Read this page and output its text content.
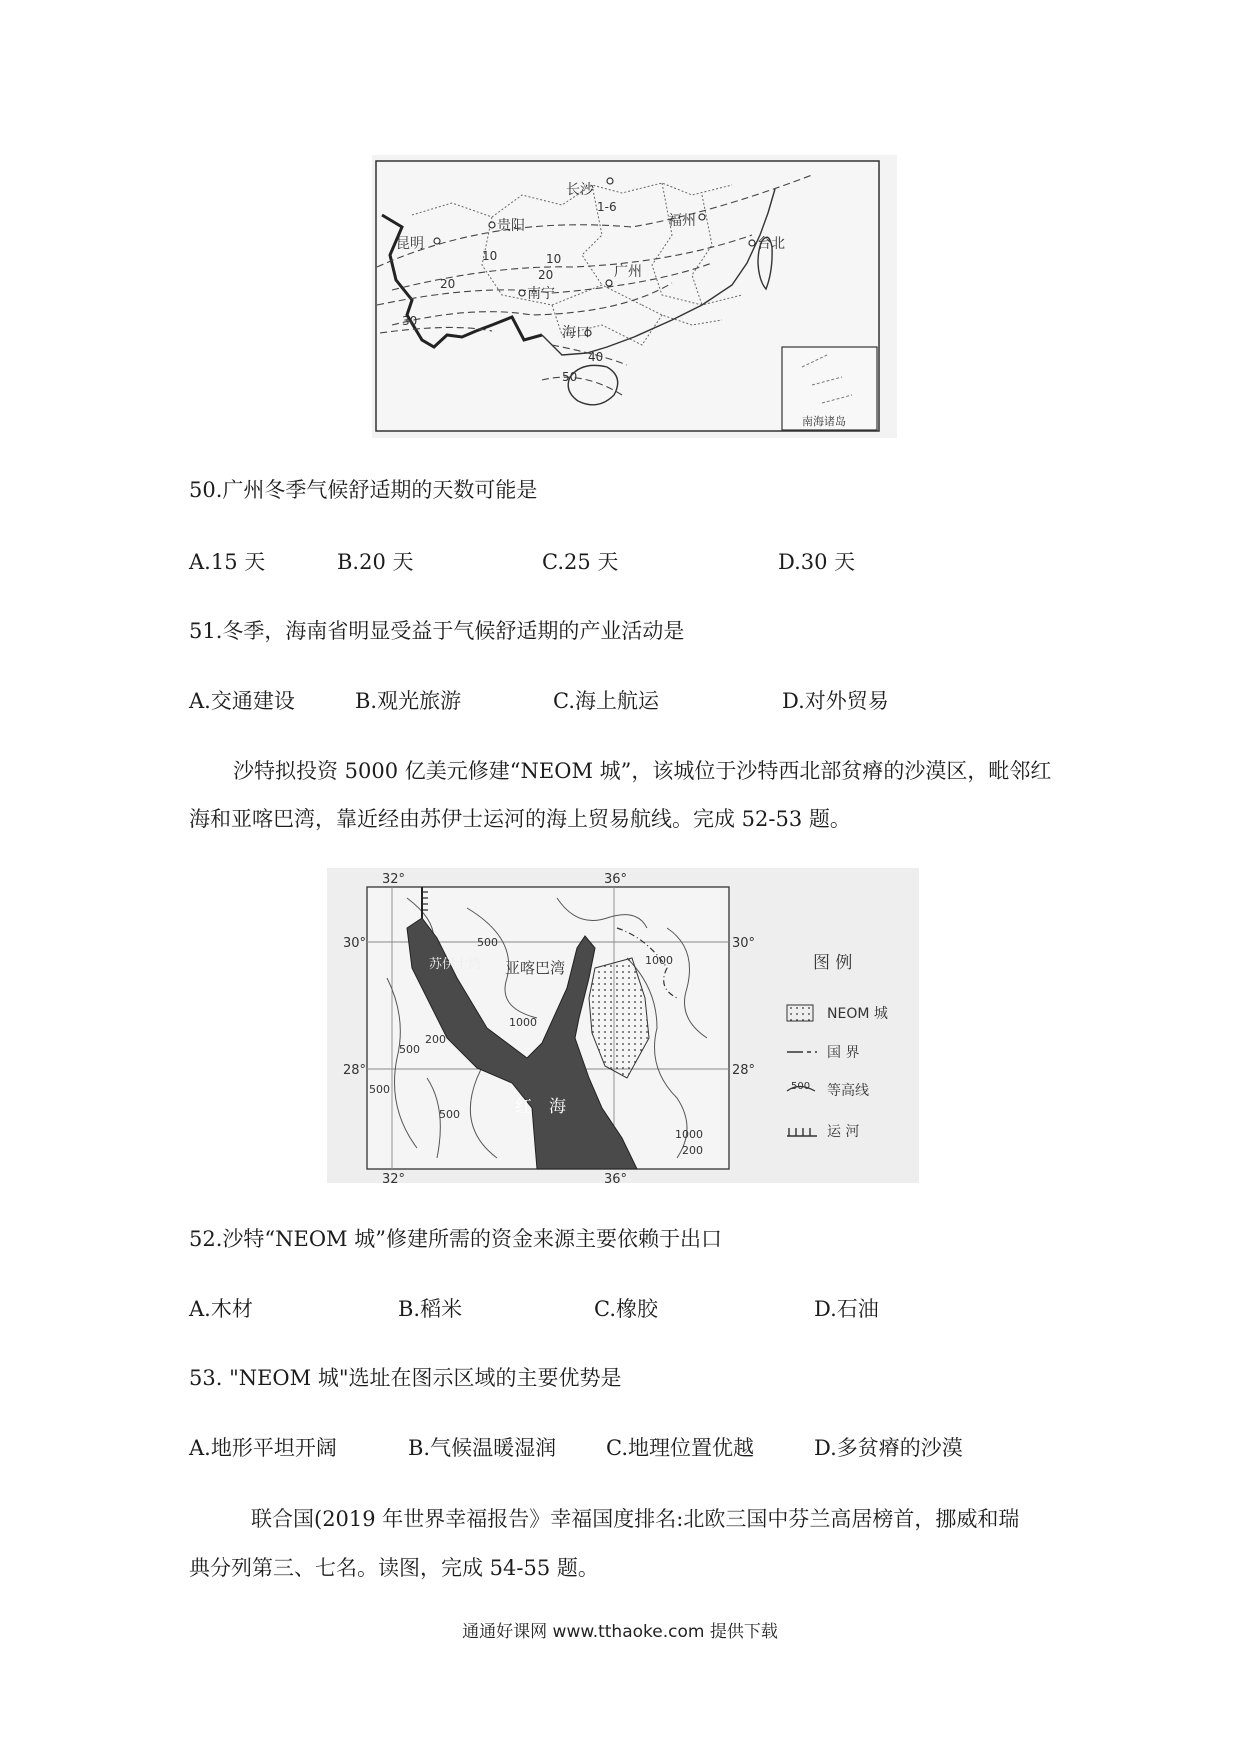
长沙
贵阳	福州
昆明	台北
南宁
广州
海口
1-6
10	10
20
20
30
40
50
南海诸岛
50.广州冬季气候舒适期的天数可能是
A.15 天	B.20 天	C.25 天	D.30 天
51.冬季，海南省明显受益于气候舒适期的产业活动是
A.交通建设	B.观光旅游	C.海上航运	D.对外贸易
沙特拟投资 5000 亿美元修建“NEOM 城”，该城位于沙特西北部贫瘠的沙漠区，毗邻红
海和亚喀巴湾，靠近经由苏伊士运河的海上贸易航线。完成 52-53 题。
32°	36°
32°	36°
30°	30°
28°	28°
亚喀巴湾
苏伊士湾
红 海
500
1000
1000
500
500
200
500
1000
200
图 例
NEOM 城
国 界
500 等高线
运 河
52.沙特“NEOM 城”修建所需的资金来源主要依赖于出口
A.木材	B.稻米	C.橡胶	D.石油
53. "NEOM 城"选址在图示区域的主要优势是
A.地形平坦开阔	B.气候温暖湿润 C.地理位置优越	D.多贫瘠的沙漠
联合国(2019 年世界幸福报告》幸福国度排名:北欧三国中芬兰高居榜首，挪威和瑞
典分列第三、七名。读图，完成 54-55 题。
通通好课网 www.tthaoke.com 提供下载
